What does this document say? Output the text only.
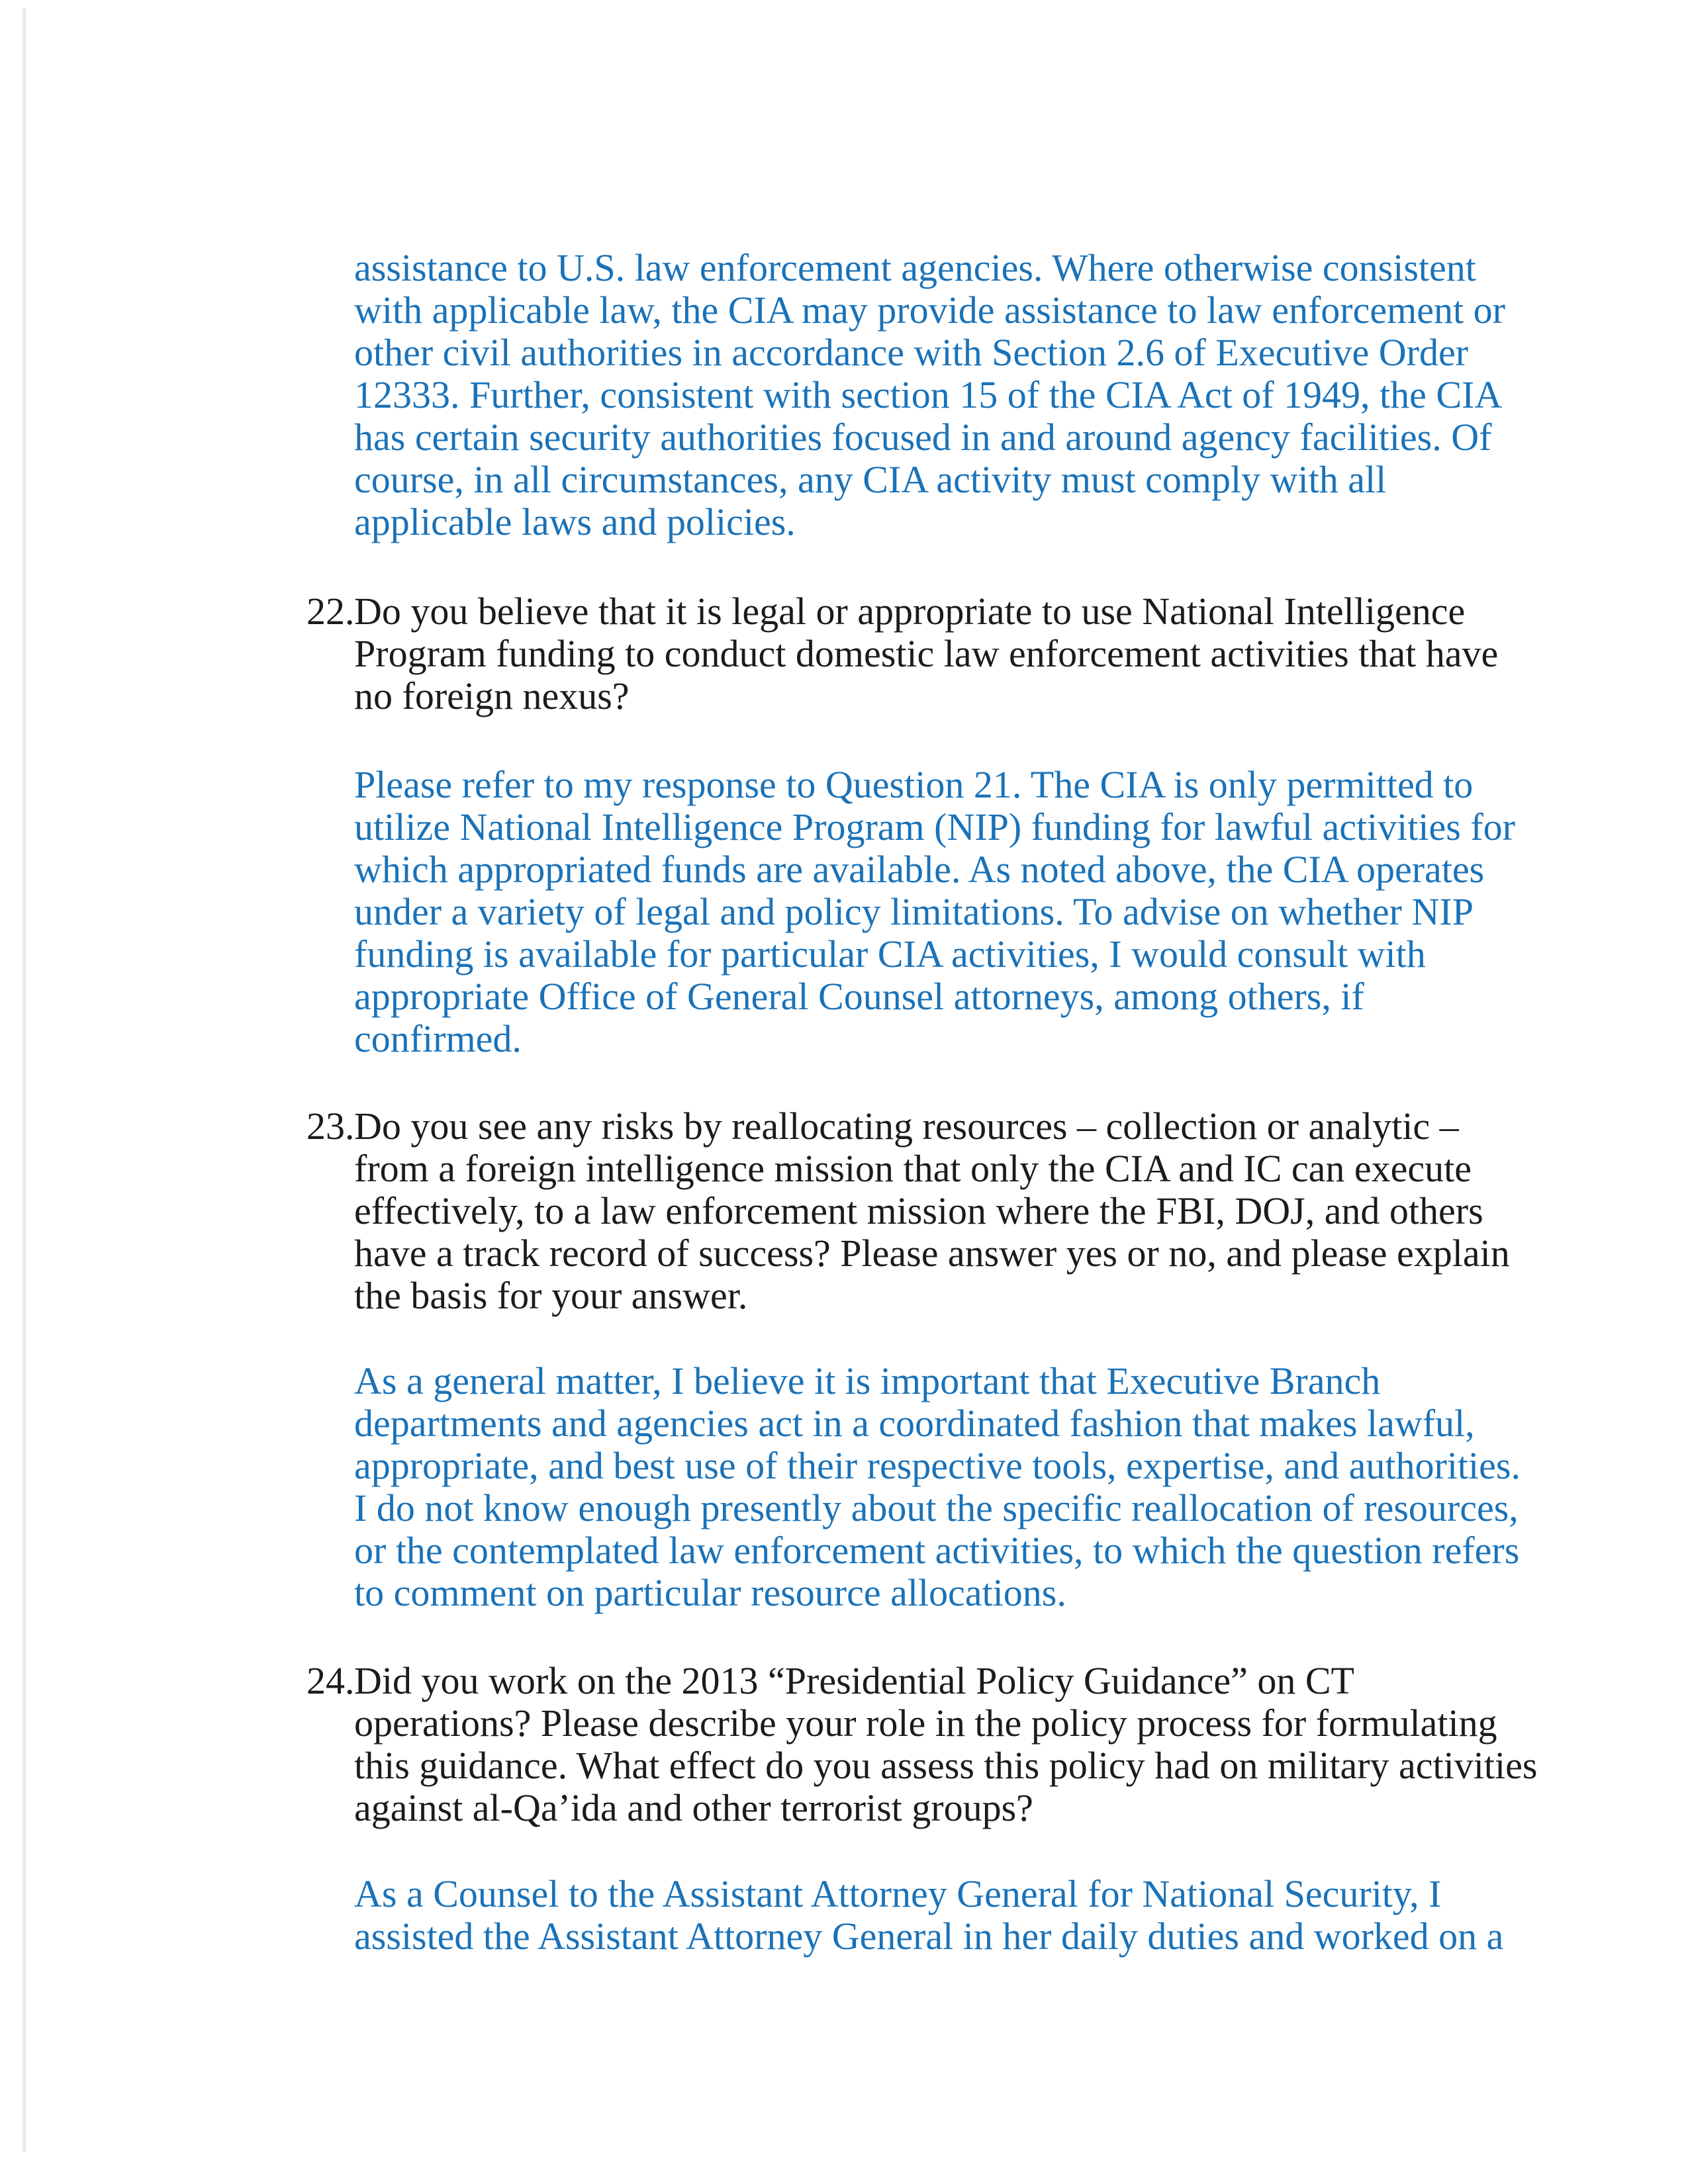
assistance to U.S. law enforcement agencies. Where otherwise consistent
with applicable law, the CIA may provide assistance to law enforcement or
other civil authorities in accordance with Section 2.6 of Executive Order
12333. Further, consistent with section 15 of the CIA Act of 1949, the CIA
has certain security authorities focused in and around agency facilities. Of
course, in all circumstances, any CIA activity must comply with all
applicable laws and policies.
22.Do you believe that it is legal or appropriate to use National Intelligence
Program funding to conduct domestic law enforcement activities that have
no foreign nexus?
Please refer to my response to Question 21. The CIA is only permitted to
utilize National Intelligence Program (NIP) funding for lawful activities for
which appropriated funds are available. As noted above, the CIA operates
under a variety of legal and policy limitations. To advise on whether NIP
funding is available for particular CIA activities, I would consult with
appropriate Office of General Counsel attorneys, among others, if
confirmed.
23.Do you see any risks by reallocating resources – collection or analytic –
from a foreign intelligence mission that only the CIA and IC can execute
effectively, to a law enforcement mission where the FBI, DOJ, and others
have a track record of success? Please answer yes or no, and please explain
the basis for your answer.
As a general matter, I believe it is important that Executive Branch
departments and agencies act in a coordinated fashion that makes lawful,
appropriate, and best use of their respective tools, expertise, and authorities.
I do not know enough presently about the specific reallocation of resources,
or the contemplated law enforcement activities, to which the question refers
to comment on particular resource allocations.
24.Did you work on the 2013 “Presidential Policy Guidance” on CT
operations? Please describe your role in the policy process for formulating
this guidance. What effect do you assess this policy had on military activities
against al-Qa’ida and other terrorist groups?
As a Counsel to the Assistant Attorney General for National Security, I
assisted the Assistant Attorney General in her daily duties and worked on a
